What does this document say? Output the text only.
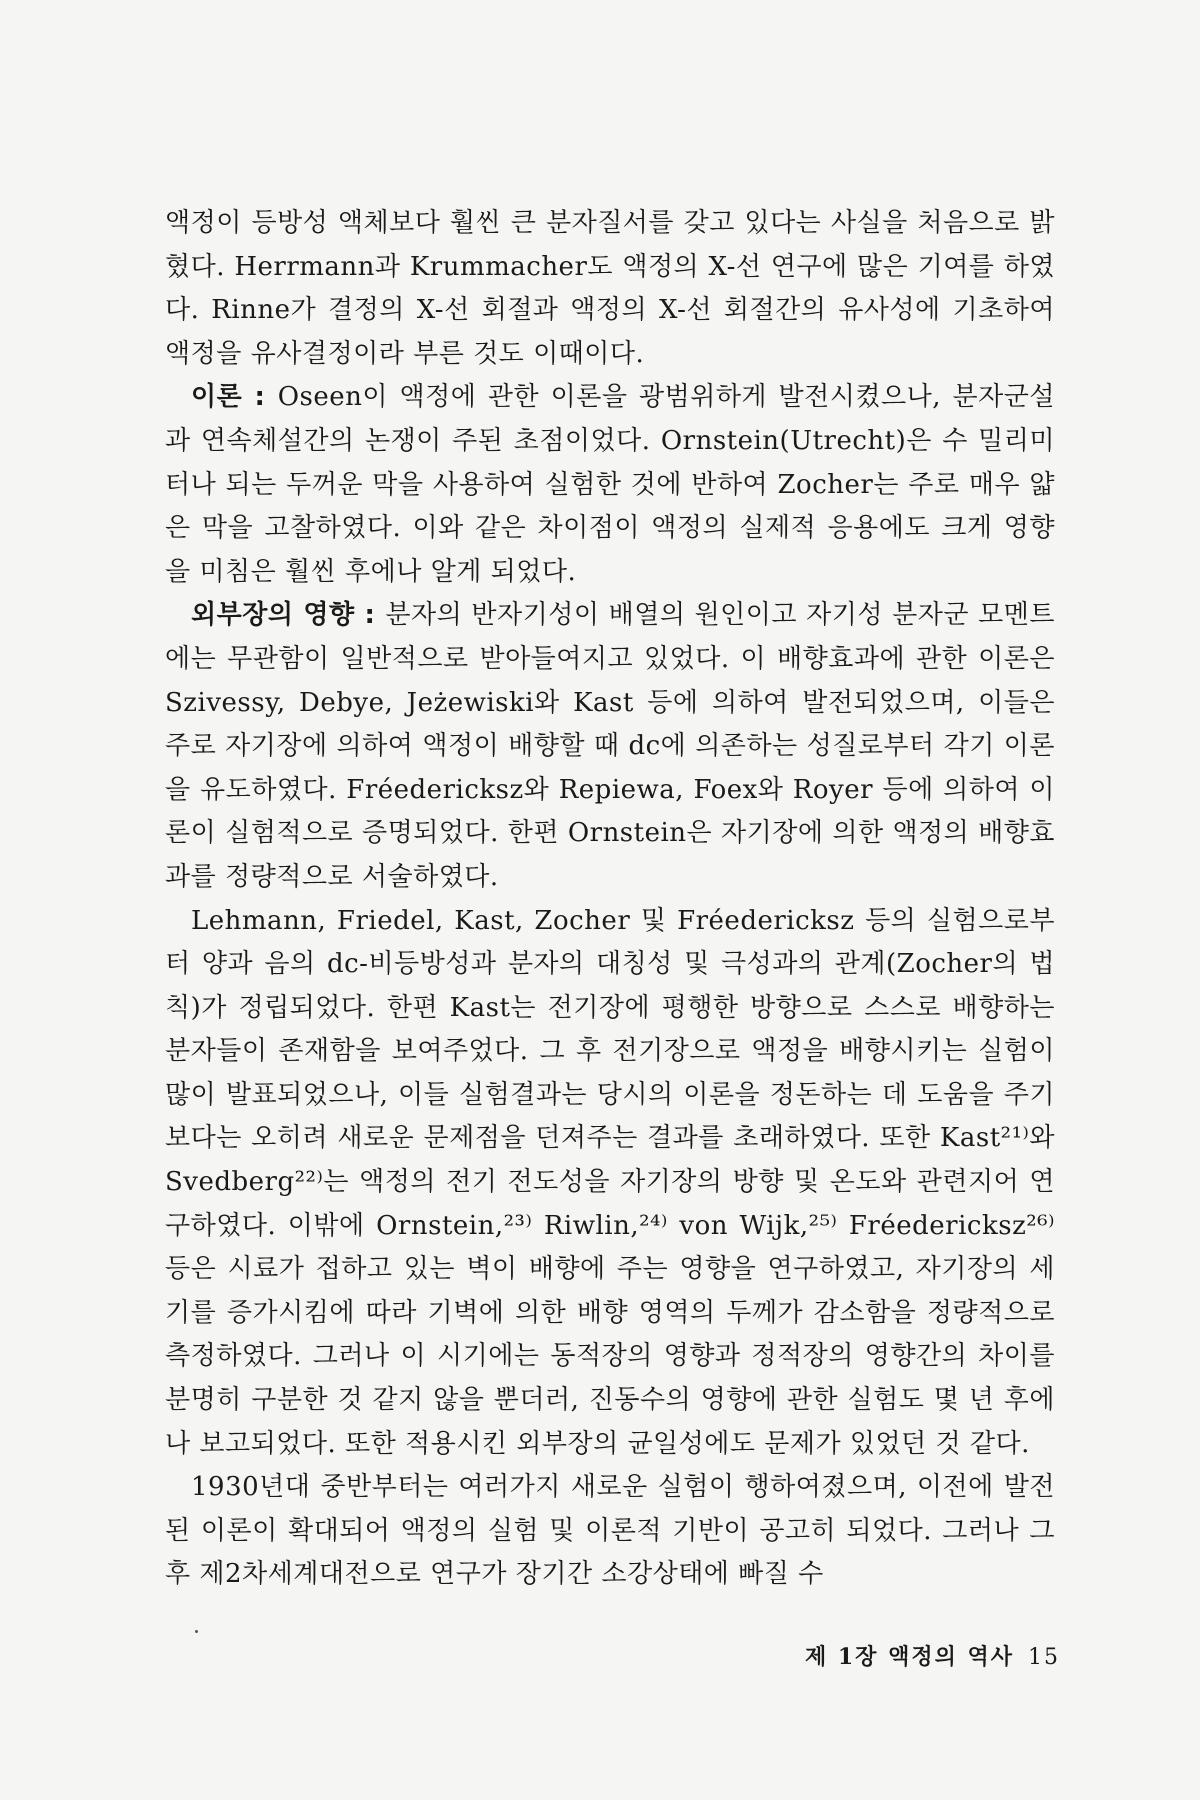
액정이 등방성 액체보다 훨씬 큰 분자질서를 갖고 있다는 사실을 처음으로 밝혔다. Herrmann과 Krummacher도 액정의 X-선 연구에 많은 기여를 하였다. Rinne가 결정의 X-선 회절과 액정의 X-선 회절간의 유사성에 기초하여 액정을 유사결정이라 부른 것도 이때이다.

이론 : Oseen이 액정에 관한 이론을 광범위하게 발전시켰으나, 분자군설과 연속체설간의 논쟁이 주된 초점이었다. Ornstein(Utrecht)은 수 밀리미터나 되는 두꺼운 막을 사용하여 실험한 것에 반하여 Zocher는 주로 매우 얇은 막을 고찰하였다. 이와 같은 차이점이 액정의 실제적 응용에도 크게 영향을 미침은 훨씬 후에나 알게 되었다.

외부장의 영향 : 분자의 반자기성이 배열의 원인이고 자기성 분자군 모멘트에는 무관함이 일반적으로 받아들여지고 있었다. 이 배향효과에 관한 이론은 Szivessy, Debye, Jeżewiski와 Kast 등에 의하여 발전되었으며, 이들은 주로 자기장에 의하여 액정이 배향할 때 dc에 의존하는 성질로부터 각기 이론을 유도하였다. Fréedericksz와 Repiewa, Foex와 Royer 등에 의하여 이론이 실험적으로 증명되었다. 한편 Ornstein은 자기장에 의한 액정의 배향효과를 정량적으로 서술하였다.

Lehmann, Friedel, Kast, Zocher 및 Fréedericksz 등의 실험으로부터 양과 음의 dc-비등방성과 분자의 대칭성 및 극성과의 관계(Zocher의 법칙)가 정립되었다. 한편 Kast는 전기장에 평행한 방향으로 스스로 배향하는 분자들이 존재함을 보여주었다. 그 후 전기장으로 액정을 배향시키는 실험이 많이 발표되었으나, 이들 실험결과는 당시의 이론을 정돈하는 데 도움을 주기보다는 오히려 새로운 문제점을 던져주는 결과를 초래하였다. 또한 Kast²¹⁾와 Svedberg²²⁾는 액정의 전기 전도성을 자기장의 방향 및 온도와 관련지어 연구하였다. 이밖에 Ornstein,²³⁾ Riwlin,²⁴⁾ von Wijk,²⁵⁾ Fréedericksz²⁶⁾ 등은 시료가 접하고 있는 벽이 배향에 주는 영향을 연구하였고, 자기장의 세기를 증가시킴에 따라 기벽에 의한 배향 영역의 두께가 감소함을 정량적으로 측정하였다. 그러나 이 시기에는 동적장의 영향과 정적장의 영향간의 차이를 분명히 구분한 것 같지 않을 뿐더러, 진동수의 영향에 관한 실험도 몇 년 후에나 보고되었다. 또한 적용시킨 외부장의 균일성에도 문제가 있었던 것 같다.

1930년대 중반부터는 여러가지 새로운 실험이 행하여졌으며, 이전에 발전된 이론이 확대되어 액정의 실험 및 이론적 기반이 공고히 되었다. 그러나 그후 제2차세계대전으로 연구가 장기간 소강상태에 빠질 수

제 1장 액정의 역사 15
